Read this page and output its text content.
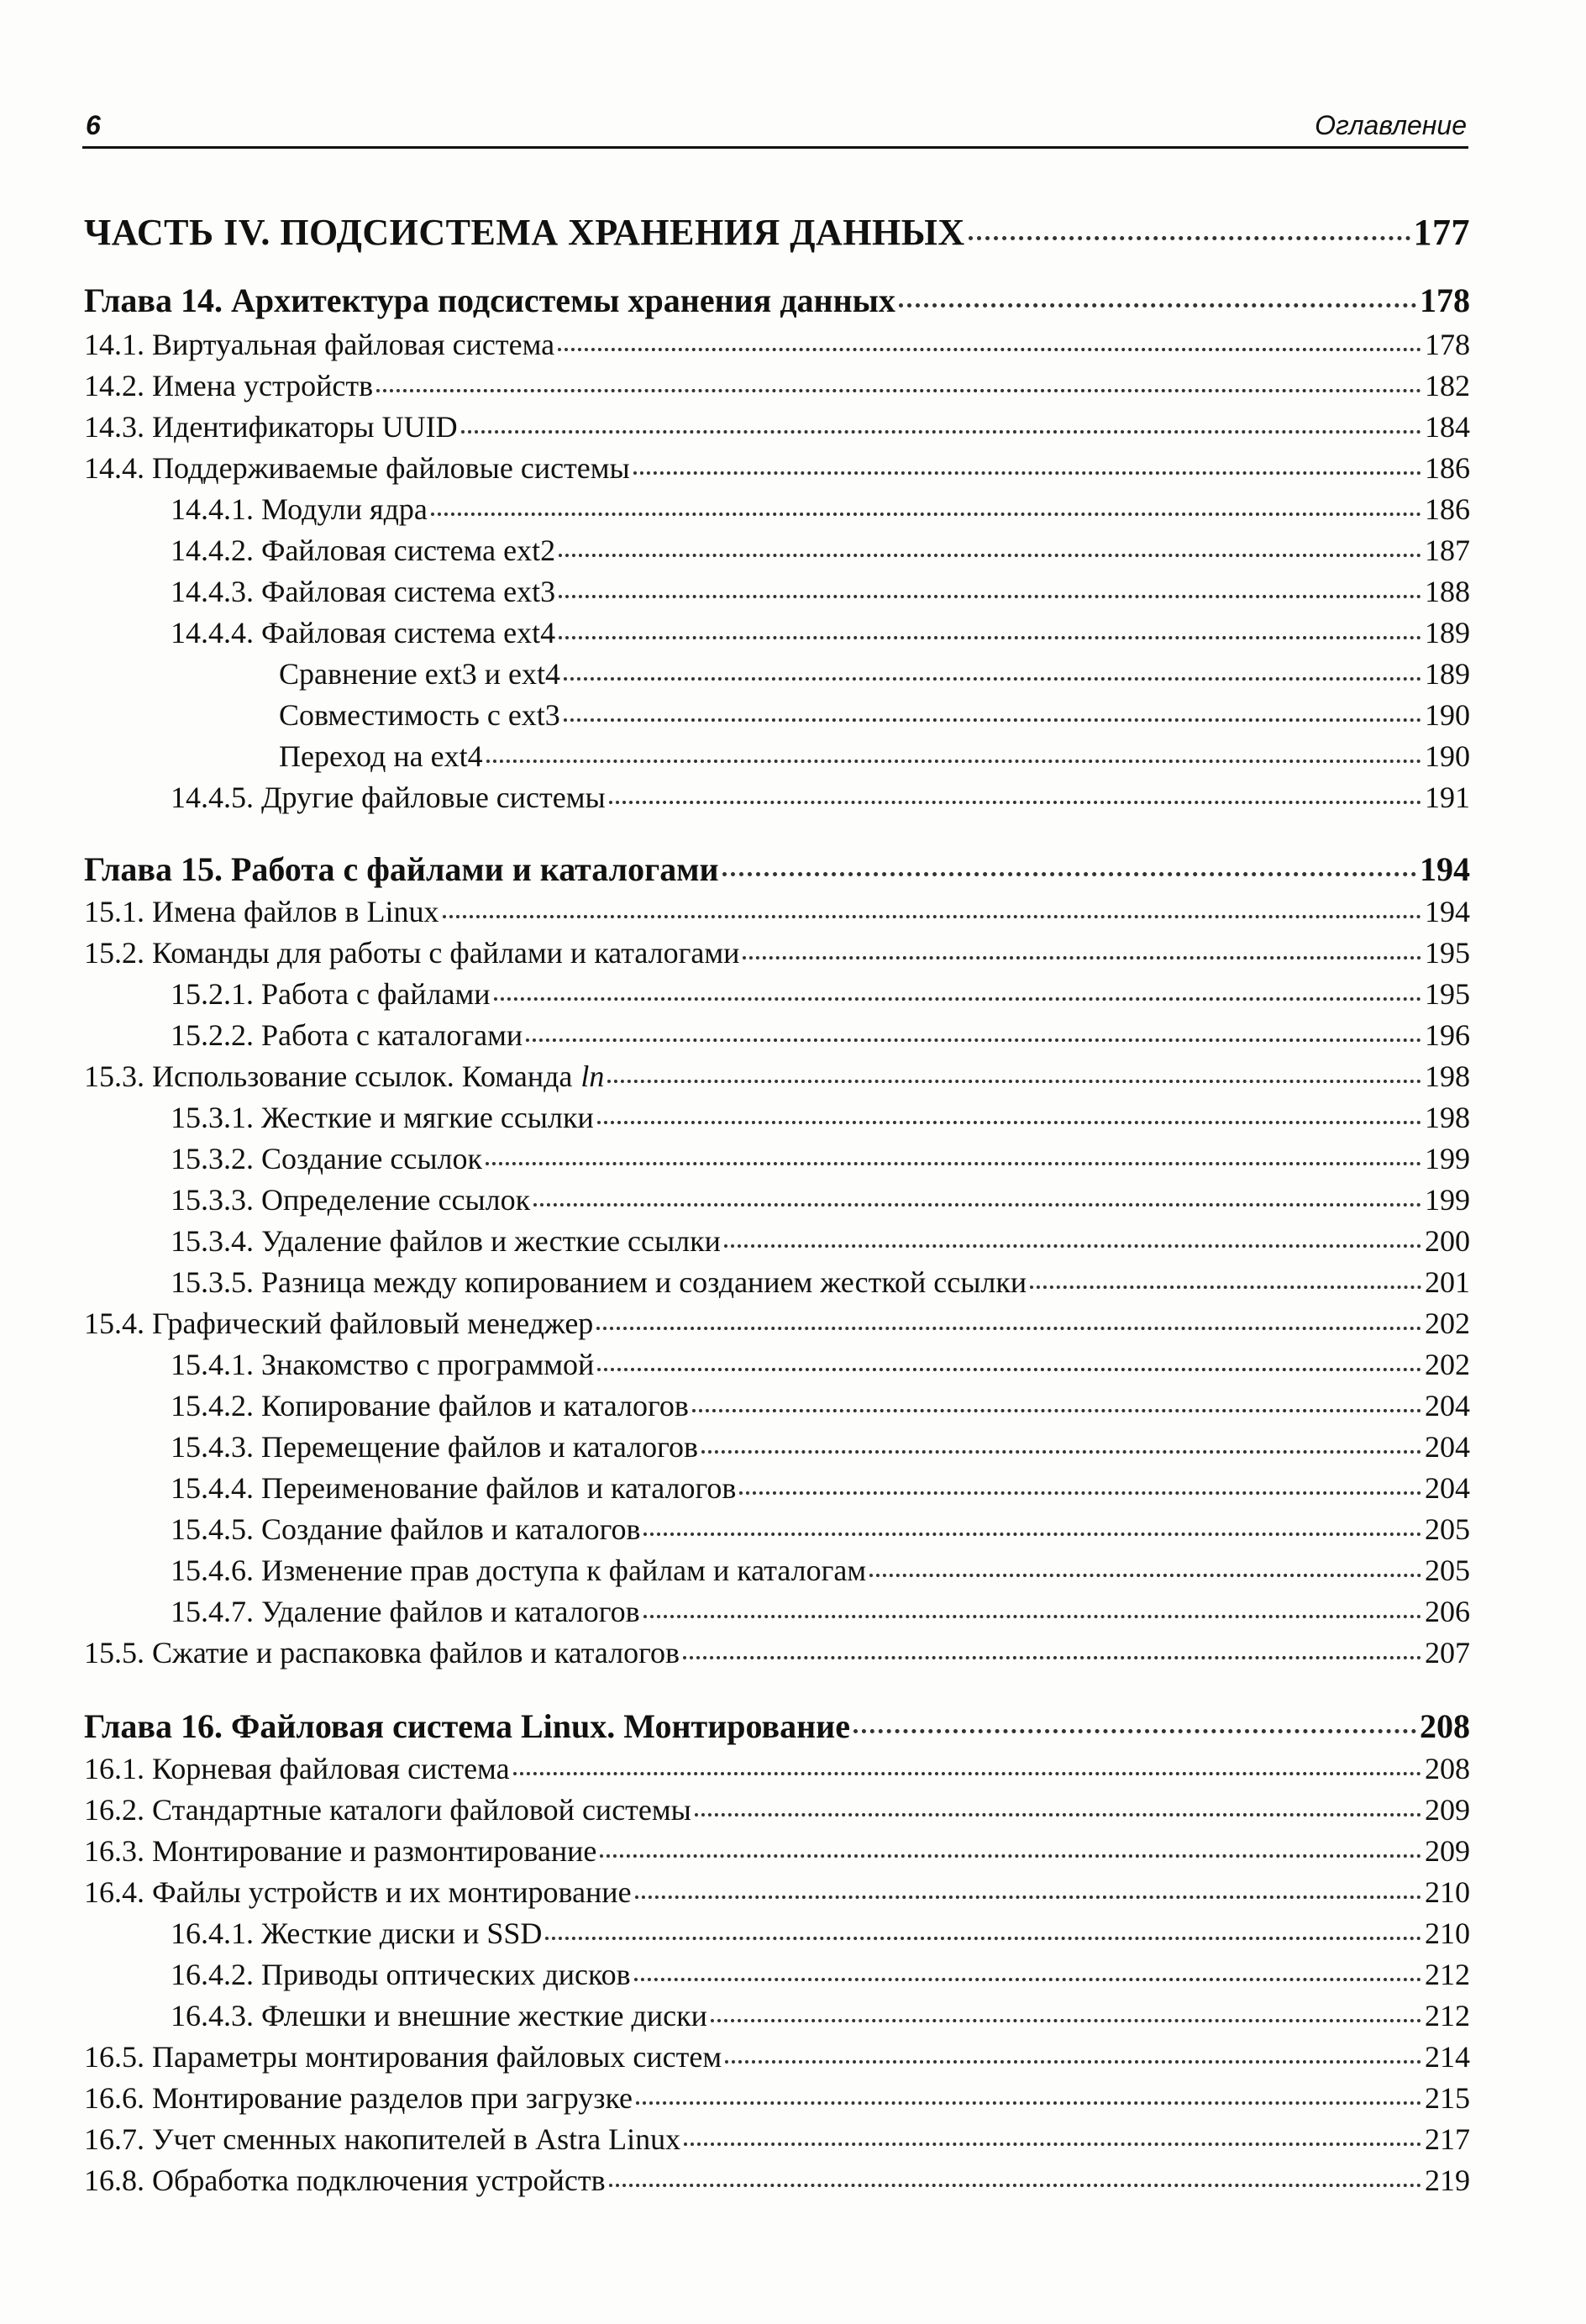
6	Оглавление
ЧАСТЬ IV. ПОДСИСТЕМА ХРАНЕНИЯ ДАННЫХ	177
Глава 14. Архитектура подсистемы хранения данных	178
14.1. Виртуальная файловая система	178
14.2. Имена устройств	182
14.3. Идентификаторы UUID	184
14.4. Поддерживаемые файловые системы	186
14.4.1. Модули ядра	186
14.4.2. Файловая система ext2	187
14.4.3. Файловая система ext3	188
14.4.4. Файловая система ext4	189
Сравнение ext3 и ext4	189
Совместимость с ext3	190
Переход на ext4	190
14.4.5. Другие файловые системы	191
Глава 15. Работа с файлами и каталогами	194
15.1. Имена файлов в Linux	194
15.2. Команды для работы с файлами и каталогами	195
15.2.1. Работа с файлами	195
15.2.2. Работа с каталогами	196
15.3. Использование ссылок. Команда ln	198
15.3.1. Жесткие и мягкие ссылки	198
15.3.2. Создание ссылок	199
15.3.3. Определение ссылок	199
15.3.4. Удаление файлов и жесткие ссылки	200
15.3.5. Разница между копированием и созданием жесткой ссылки	201
15.4. Графический файловый менеджер	202
15.4.1. Знакомство с программой	202
15.4.2. Копирование файлов и каталогов	204
15.4.3. Перемещение файлов и каталогов	204
15.4.4. Переименование файлов и каталогов	204
15.4.5. Создание файлов и каталогов	205
15.4.6. Изменение прав доступа к файлам и каталогам	205
15.4.7. Удаление файлов и каталогов	206
15.5. Сжатие и распаковка файлов и каталогов	207
Глава 16. Файловая система Linux. Монтирование	208
16.1. Корневая файловая система	208
16.2. Стандартные каталоги файловой системы	209
16.3. Монтирование и размонтирование	209
16.4. Файлы устройств и их монтирование	210
16.4.1. Жесткие диски и SSD	210
16.4.2. Приводы оптических дисков	212
16.4.3. Флешки и внешние жесткие диски	212
16.5. Параметры монтирования файловых систем	214
16.6. Монтирование разделов при загрузке	215
16.7. Учет сменных накопителей в Astra Linux	217
16.8. Обработка подключения устройств	219
